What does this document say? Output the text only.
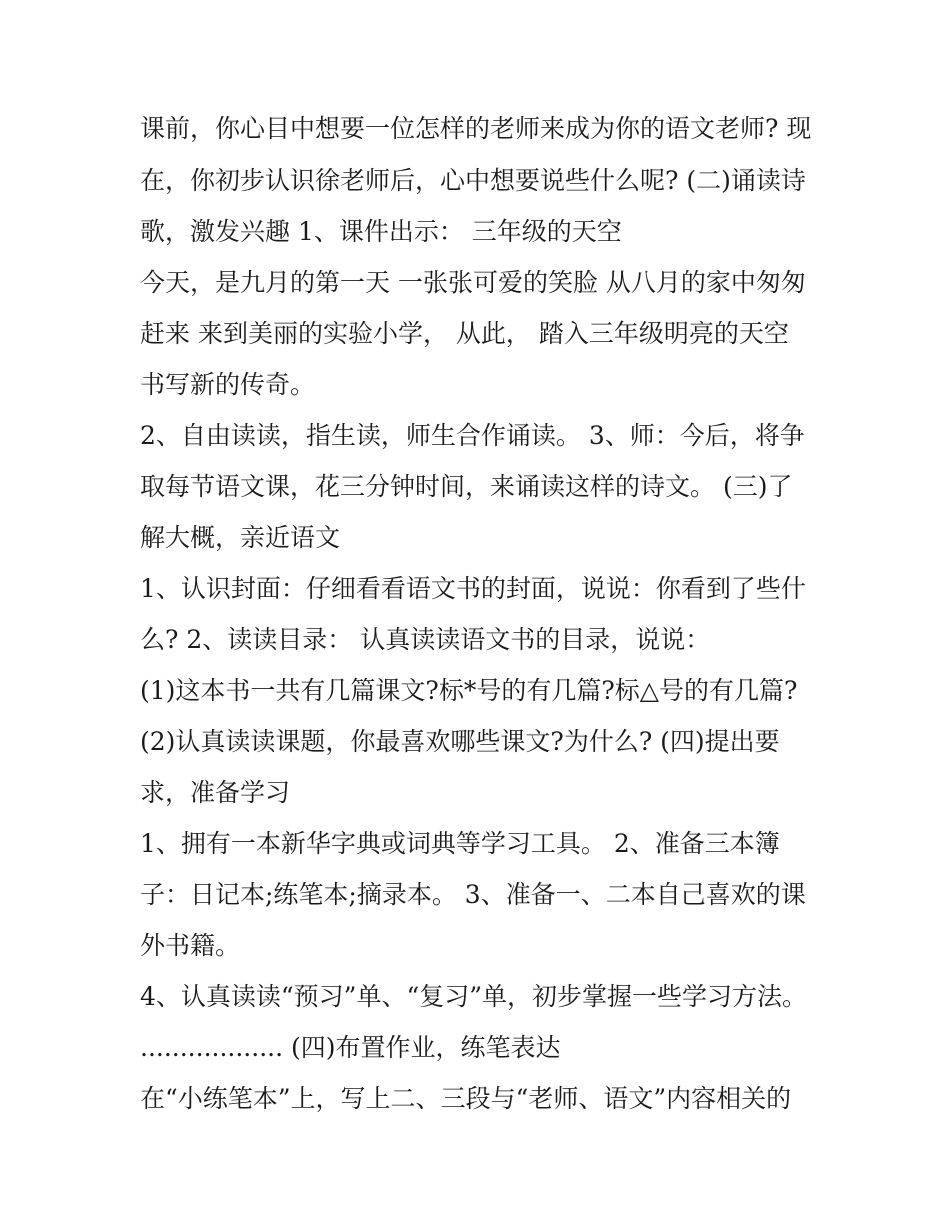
课前，你心目中想要一位怎样的老师来成为你的语文老师? 现

在，你初步认识徐老师后，心中想要说些什么呢? (二)诵读诗

歌，激发兴趣 1、课件出示： 三年级的天空

今天，是九月的第一天 一张张可爱的笑脸 从八月的家中匆匆

赶来 来到美丽的实验小学， 从此， 踏入三年级明亮的天空

书写新的传奇。

2、自由读读，指生读，师生合作诵读。 3、师：今后，将争

取每节语文课，花三分钟时间，来诵读这样的诗文。 (三)了

解大概，亲近语文

1、认识封面：仔细看看语文书的封面，说说：你看到了些什

么? 2、读读目录： 认真读读语文书的目录，说说：

(1)这本书一共有几篇课文?标*号的有几篇?标△号的有几篇?

(2)认真读读课题，你最喜欢哪些课文?为什么? (四)提出要

求，准备学习

1、拥有一本新华字典或词典等学习工具。 2、准备三本簿

子：日记本;练笔本;摘录本。 3、准备一、二本自己喜欢的课

外书籍。

4、认真读读“预习”单、“复习”单，初步掌握一些学习方法。

.................. (四)布置作业，练笔表达

在“小练笔本”上，写上二、三段与“老师、语文”内容相关的
